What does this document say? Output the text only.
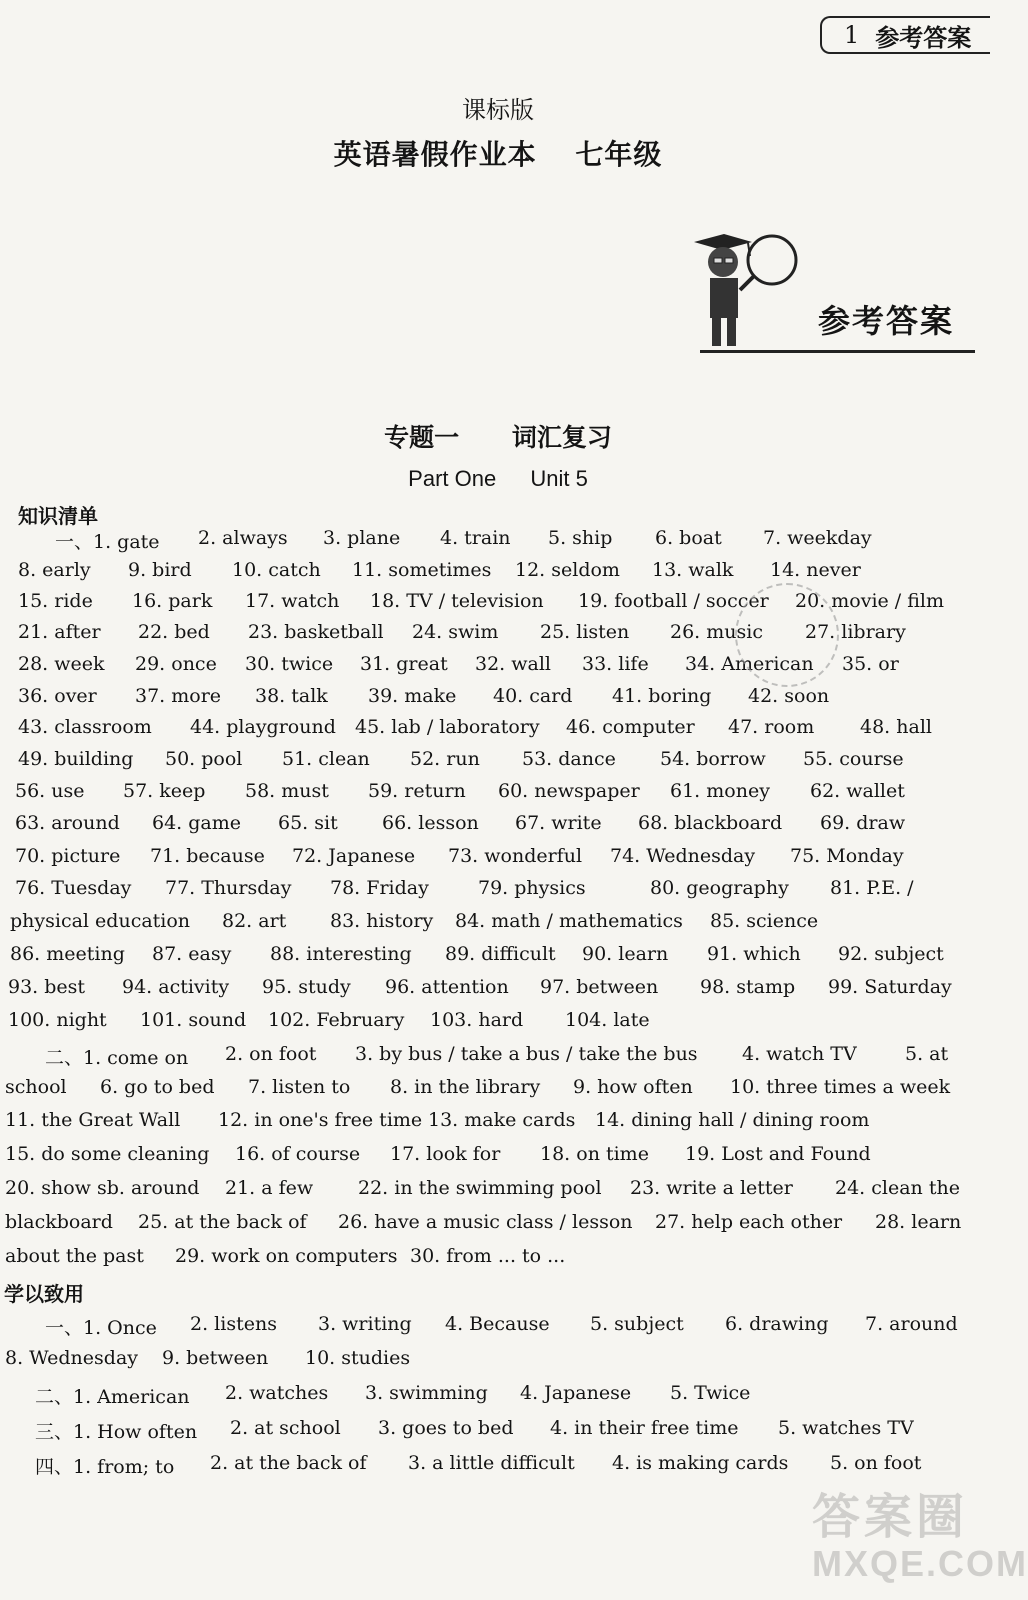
1 参考答案
课标版
英语暑假作业本 七年级
参考答案
专题一 词汇复习
Part One Unit 5
知识清单
学以致用
一、1. gate 2. always 3. plane 4. train 5. ship 6. boat 7. weekday
8. early 9. bird 10. catch 11. sometimes 12. seldom 13. walk 14. never
15. ride 16. park 17. watch 18. TV / television 19. football / soccer 20. movie / film
21. after 22. bed 23. basketball 24. swim 25. listen 26. music 27. library
28. week 29. once 30. twice 31. great 32. wall 33. life 34. American 35. or
36. over 37. more 38. talk 39. make 40. card 41. boring 42. soon
43. classroom 44. playground 45. lab / laboratory 46. computer 47. room 48. hall
49. building 50. pool 51. clean 52. run 53. dance 54. borrow 55. course
56. use 57. keep 58. must 59. return 60. newspaper 61. money 62. wallet
63. around 64. game 65. sit 66. lesson 67. write 68. blackboard 69. draw
70. picture 71. because 72. Japanese 73. wonderful 74. Wednesday 75. Monday
76. Tuesday 77. Thursday 78. Friday	79. physics	80. geography 81. P.E. /
physical education 82. art 83. history 84. math / mathematics 85. science
86. meeting 87. easy 88. interesting 89. difficult 90. learn 91. which 92. subject
93. best 94. activity 95. study 96. attention 97. between 98. stamp 99. Saturday
100. night 101. sound 102. February 103. hard 104. late
二、1. come on 2. on foot 3. by bus / take a bus / take the bus 4. watch TV	5. at
school 6. go to bed 7. listen to 8. in the library 9. how often 10. three times a week
11. the Great Wall 12. in one's free time 13. make cards 14. dining hall / dining room
15. do some cleaning 16. of course 17. look for 18. on time 19. Lost and Found
20. show sb. around 21. a few 22. in the swimming pool 23. write a letter 24. clean the
blackboard 25. at the back of 26. have a music class / lesson 27. help each other 28. learn
about the past 29. work on computers 30. from ... to ...
一、1. Once 2. listens 3. writing 4. Because 5. subject 6. drawing 7. around
8. Wednesday 9. between 10. studies
二、1. American 2. watches 3. swimming 4. Japanese 5. Twice
三、1. How often 2. at school 3. goes to bed 4. in their free time 5. watches TV
四、1. from; to 2. at the back of 3. a little difficult 4. is making cards 5. on foot
答案圈
MXQE.COM
